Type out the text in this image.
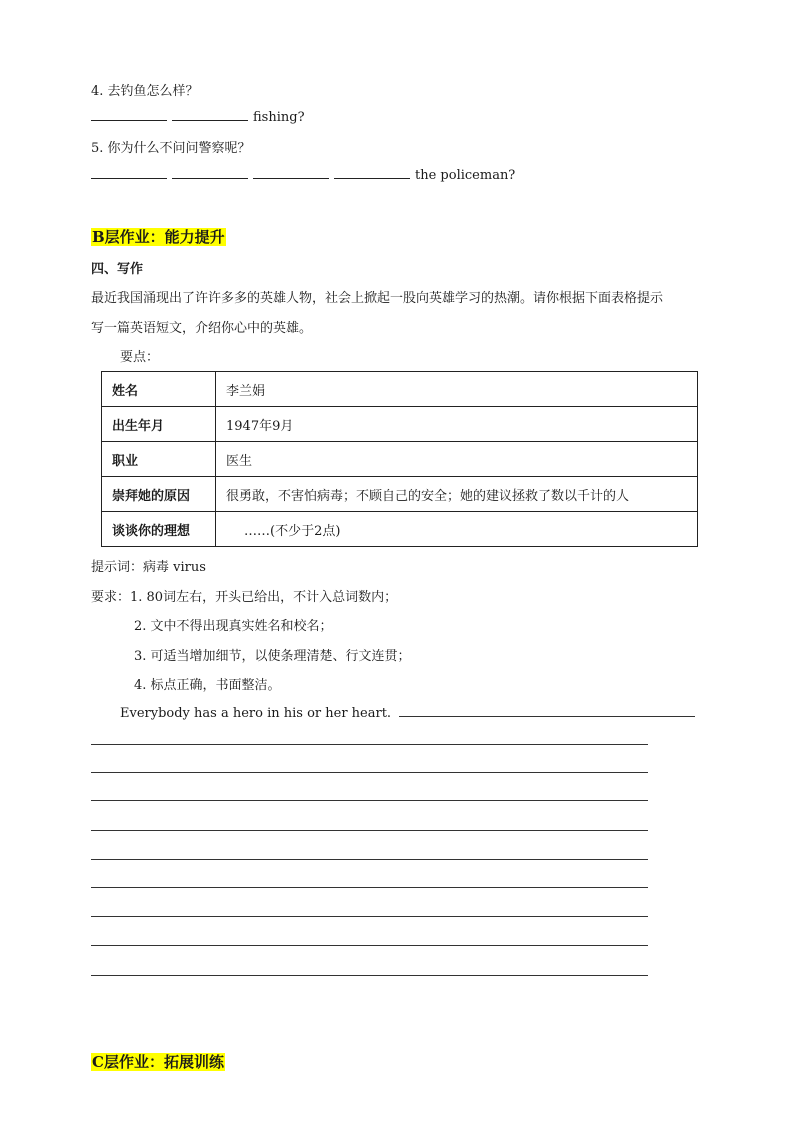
4. 去钓鱼怎么样？
fishing?
5. 你为什么不问问警察呢？
the policeman?
B层作业：能力提升
四、写作
最近我国涌现出了许许多多的英雄人物，社会上掀起一股向英雄学习的热潮。请你根据下面表格提示
写一篇英语短文，介绍你心中的英雄。
要点：
姓名	李兰娟
出生年月	1947年9月
职业	医生
崇拜她的原因	很勇敢，不害怕病毒；不顾自己的安全；她的建议拯救了数以千计的人
谈谈你的理想	……(不少于2点)
提示词：病毒 virus
要求：1. 80词左右，开头已给出，不计入总词数内；
2. 文中不得出现真实姓名和校名；
3. 可适当增加细节，以使条理清楚、行文连贯；
4. 标点正确，书面整洁。
Everybody has a hero in his or her heart.
C层作业：拓展训练
